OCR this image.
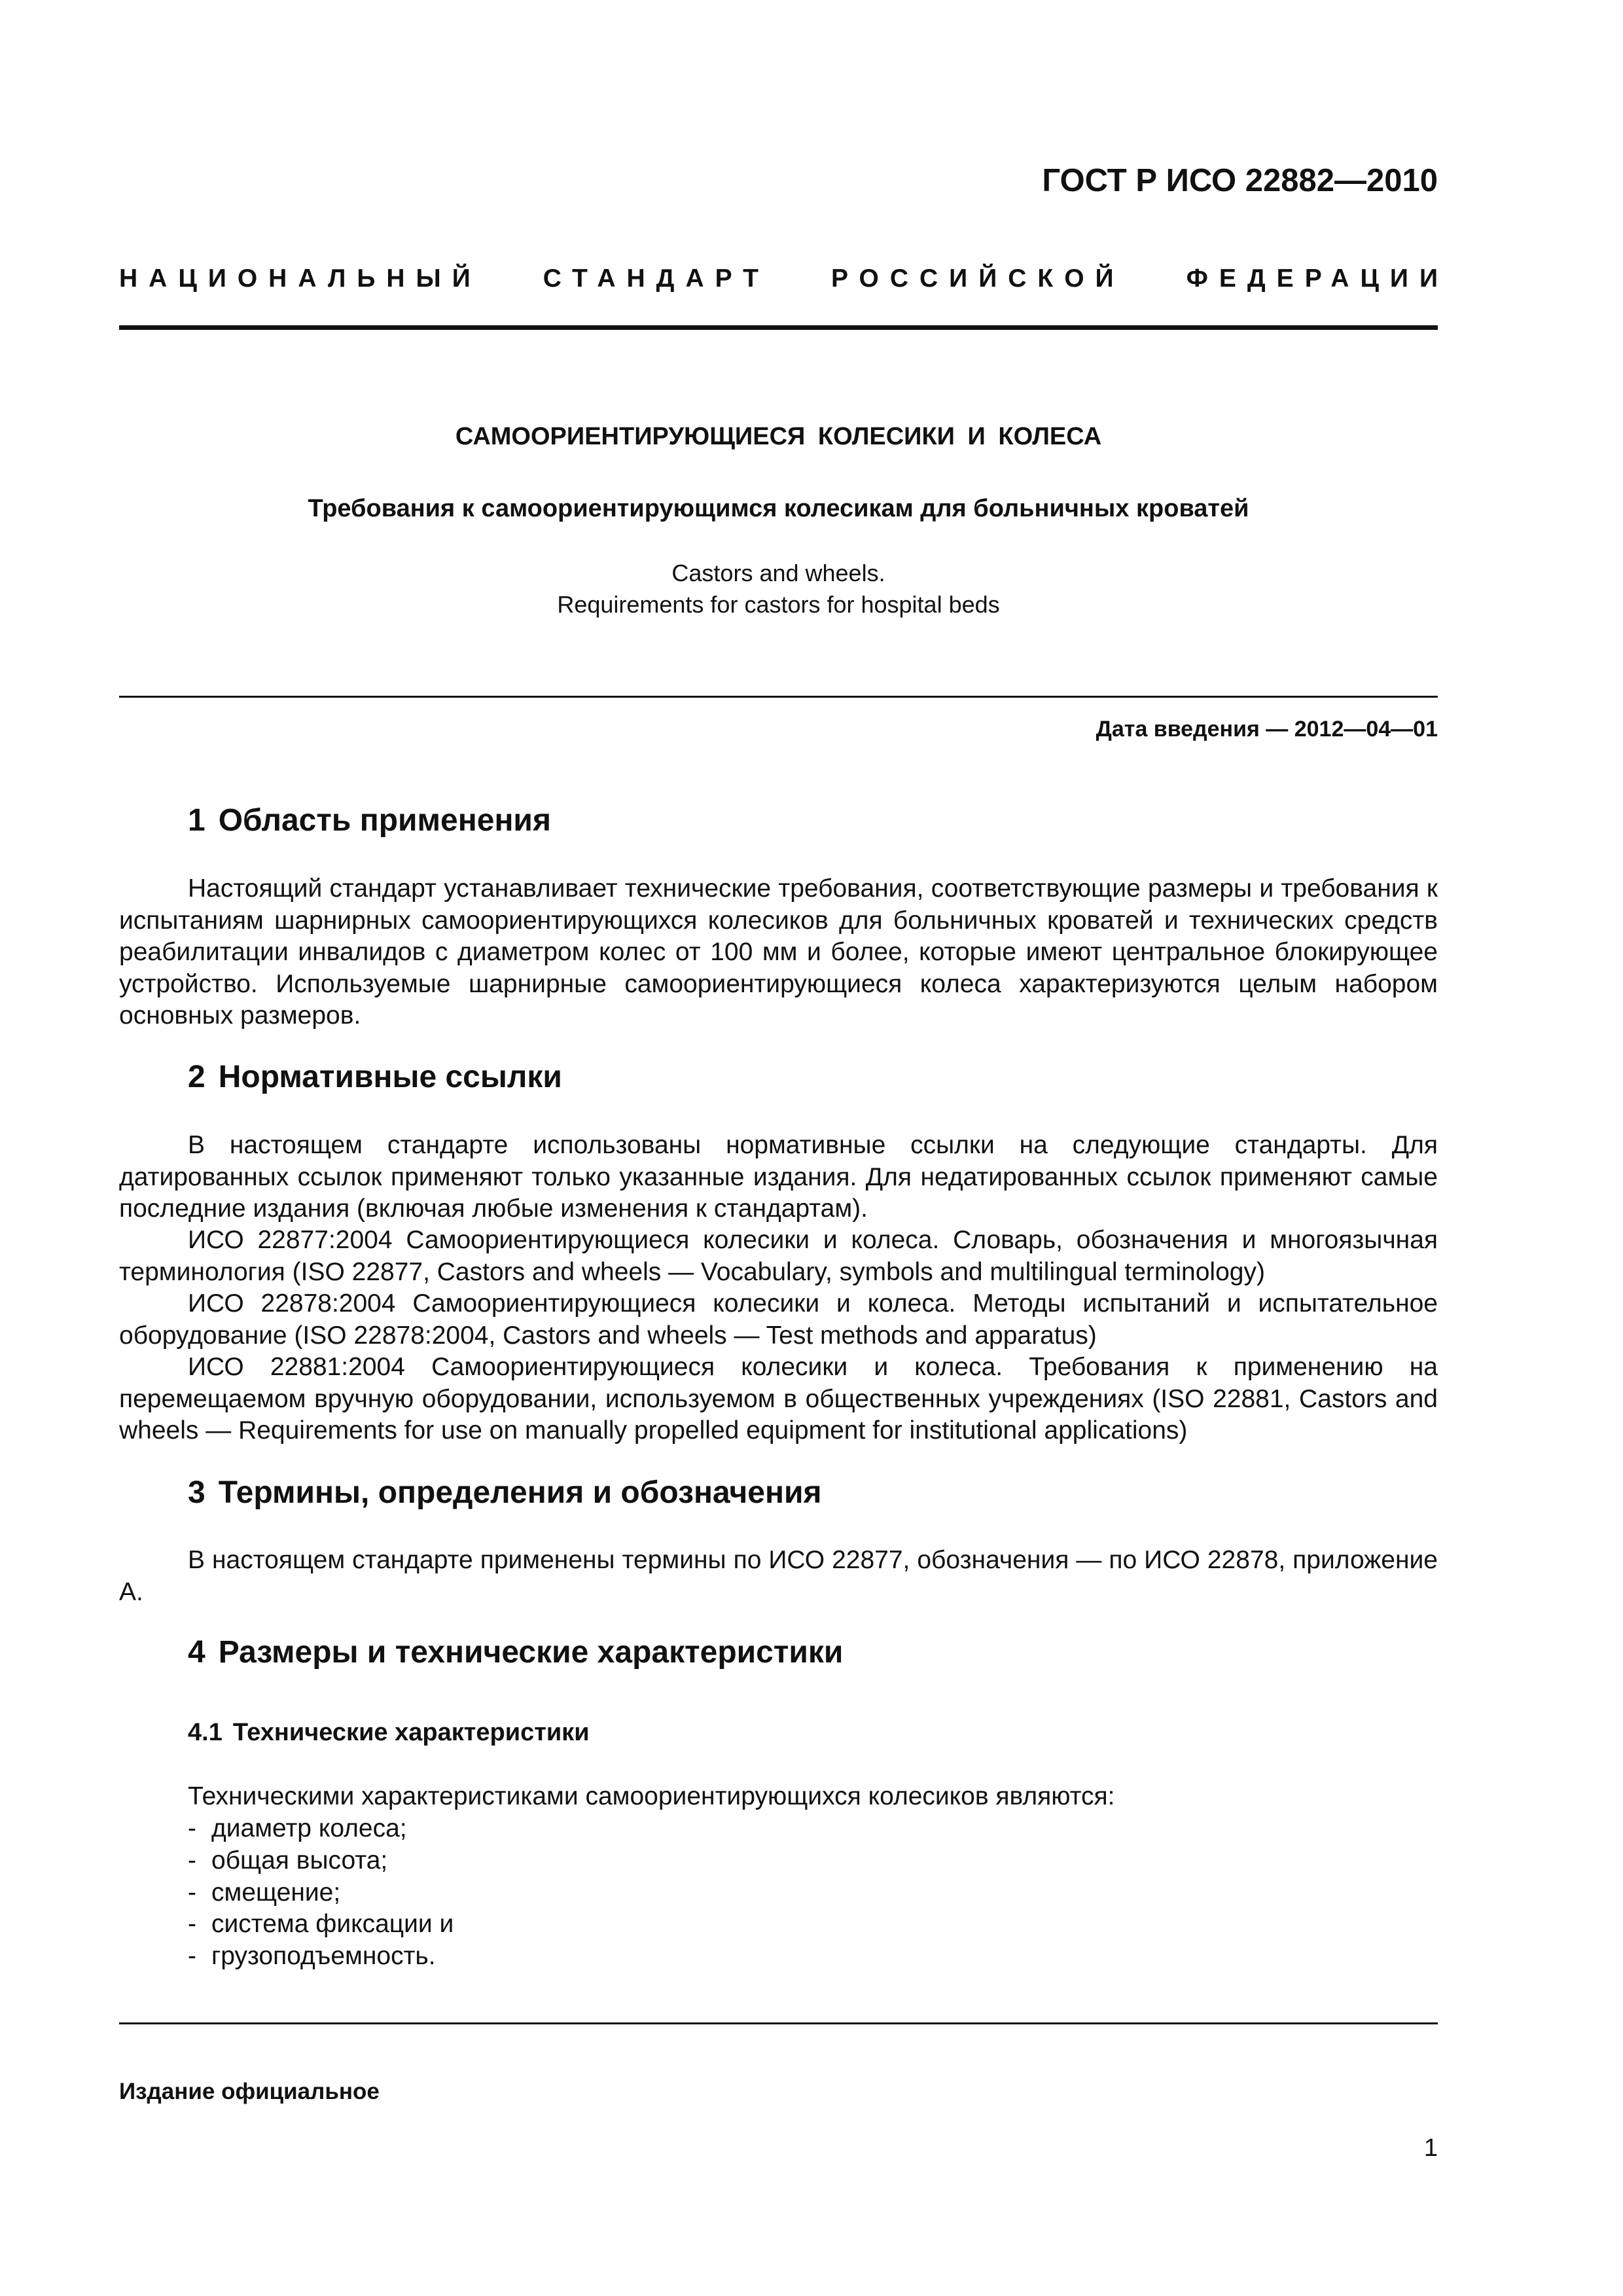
ГОСТ Р ИСО 22882—2010
НАЦИОНАЛЬНЫЙ СТАНДАРТ РОССИЙСКОЙ ФЕДЕРАЦИИ
САМООРИЕНТИРУЮЩИЕСЯ КОЛЕСИКИ И КОЛЕСА
Требования к самоориентирующимся колесикам для больничных кроватей
Castors and wheels.
Requirements for castors for hospital beds
Дата введения — 2012—04—01
1 Область применения

Настоящий стандарт устанавливает технические требования, соответствующие размеры и требования к испытаниям шарнирных самоориентирующихся колесиков для больничных кроватей и технических средств реабилитации инвалидов с диаметром колес от 100 мм и более, которые имеют центральное блокирующее устройство. Используемые шарнирные самоориентирующиеся колеса характеризуются целым набором основных размеров.

2 Нормативные ссылки

В настоящем стандарте использованы нормативные ссылки на следующие стандарты. Для датированных ссылок применяют только указанные издания. Для недатированных ссылок применяют самые последние издания (включая любые изменения к стандартам).

ИСО 22877:2004 Самоориентирующиеся колесики и колеса. Словарь, обозначения и многоязычная терминология (ISO 22877, Castors and wheels — Vocabulary, symbols and multilingual terminology)

ИСО 22878:2004 Самоориентирующиеся колесики и колеса. Методы испытаний и испытательное оборудование (ISO 22878:2004, Castors and wheels — Test methods and apparatus)

ИСО 22881:2004 Самоориентирующиеся колесики и колеса. Требования к применению на перемещаемом вручную оборудовании, используемом в общественных учреждениях (ISO 22881, Castors and wheels — Requirements for use on manually propelled equipment for institutional applications)

3 Термины, определения и обозначения

В настоящем стандарте применены термины по ИСО 22877, обозначения — по ИСО 22878, приложение А.

4 Размеры и технические характеристики
4.1 Технические характеристики

Техническими характеристиками самоориентирующихся колесиков являются:

- диаметр колеса;
- общая высота;
- смещение;
- система фиксации и
- грузоподъемность.
Издание официальное
1
